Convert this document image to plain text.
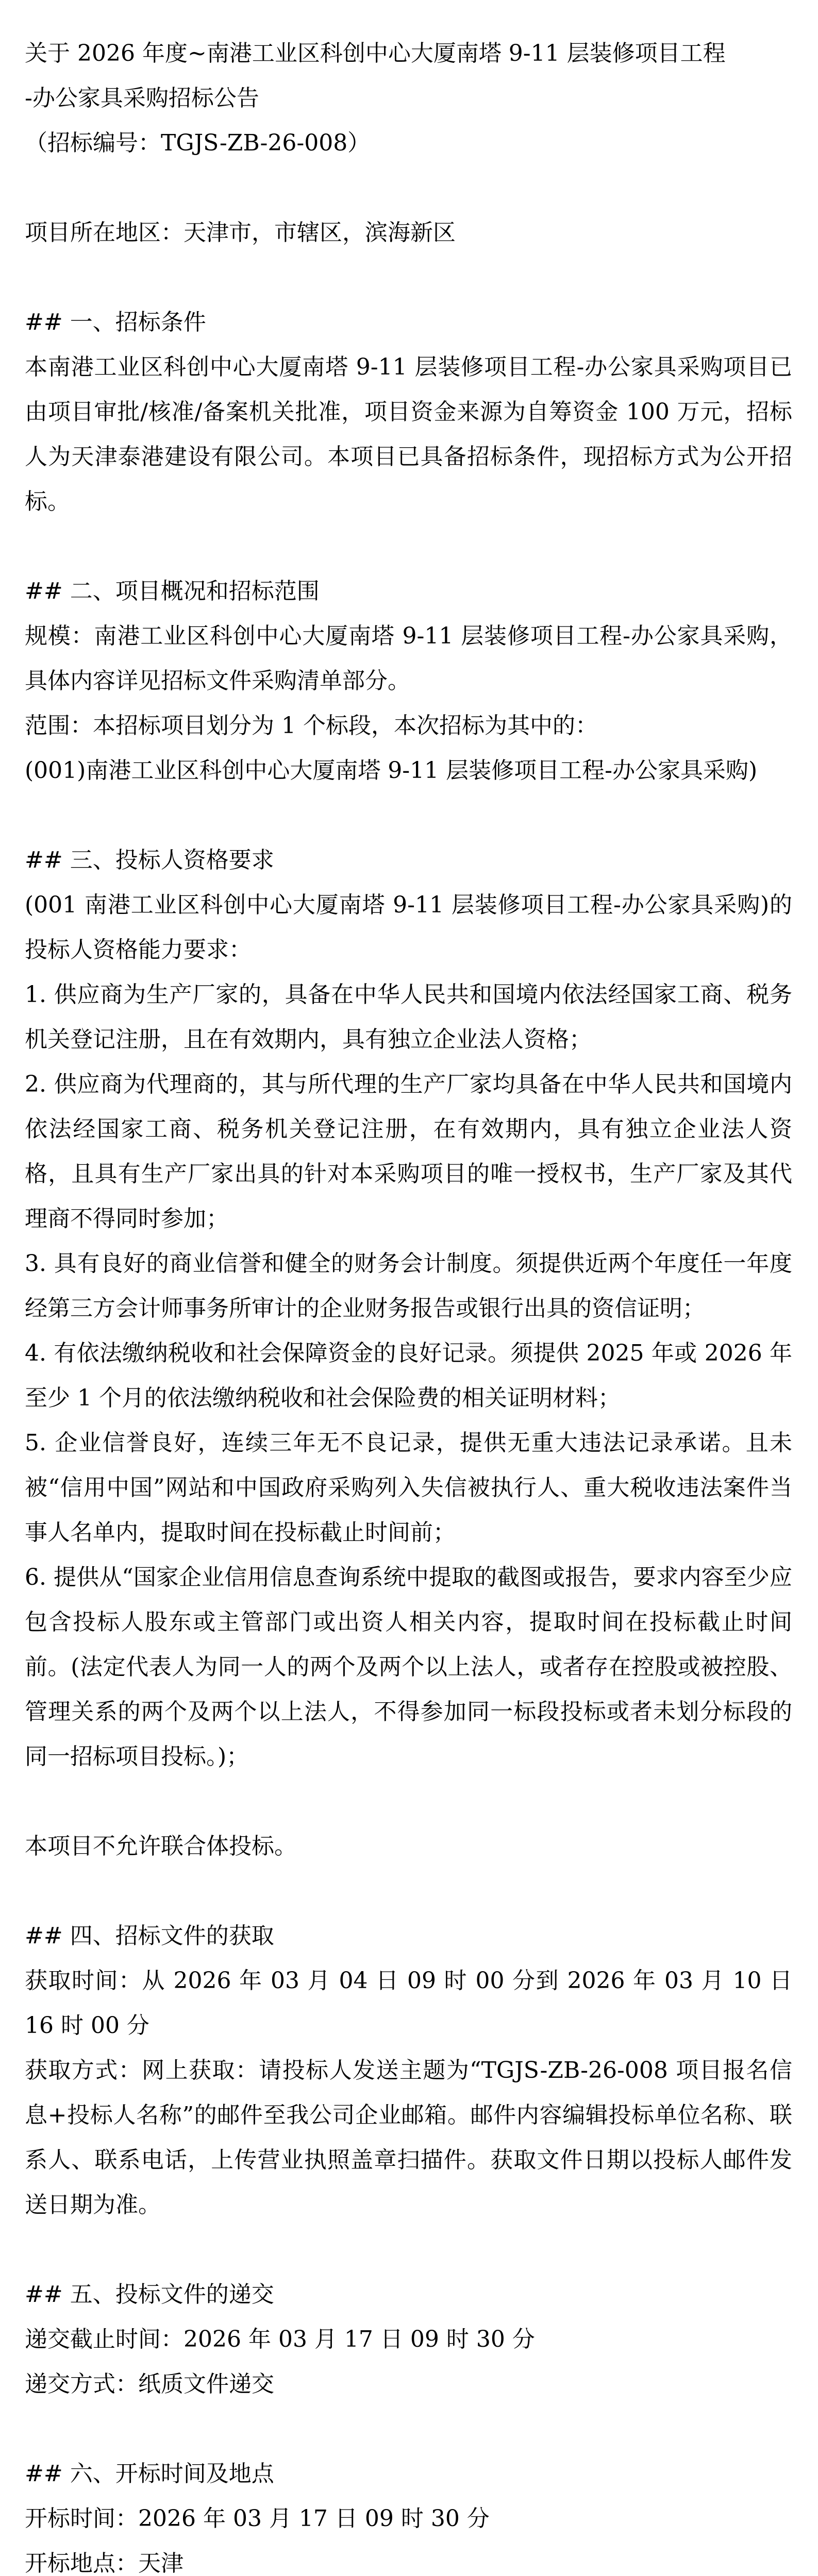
关于 2026 年度~南港工业区科创中心大厦南塔 9-11 层装修项目工程
-办公家具采购招标公告
（招标编号：TGJS-ZB-26-008）
项目所在地区：天津市，市辖区，滨海新区
## 一、招标条件
本南港工业区科创中心大厦南塔 9-11 层装修项目工程-办公家具采购项目已由项目审批/核准/备案机关批准，项目资金来源为自筹资金 100 万元，招标人为天津泰港建设有限公司。本项目已具备招标条件，现招标方式为公开招标。
## 二、项目概况和招标范围
规模：南港工业区科创中心大厦南塔 9-11 层装修项目工程-办公家具采购，具体内容详见招标文件采购清单部分。
范围：本招标项目划分为 1 个标段，本次招标为其中的：
(001)南港工业区科创中心大厦南塔 9-11 层装修项目工程-办公家具采购)
## 三、投标人资格要求
(001 南港工业区科创中心大厦南塔 9-11 层装修项目工程-办公家具采购)的投标人资格能力要求：
1. 供应商为生产厂家的，具备在中华人民共和国境内依法经国家工商、税务机关登记注册，且在有效期内，具有独立企业法人资格；
2. 供应商为代理商的，其与所代理的生产厂家均具备在中华人民共和国境内依法经国家工商、税务机关登记注册，在有效期内，具有独立企业法人资格，且具有生产厂家出具的针对本采购项目的唯一授权书，生产厂家及其代理商不得同时参加；
3. 具有良好的商业信誉和健全的财务会计制度。须提供近两个年度任一年度经第三方会计师事务所审计的企业财务报告或银行出具的资信证明；
4. 有依法缴纳税收和社会保障资金的良好记录。须提供 2025 年或 2026 年至少 1 个月的依法缴纳税收和社会保险费的相关证明材料；
5. 企业信誉良好，连续三年无不良记录，提供无重大违法记录承诺。且未被“信用中国”网站和中国政府采购列入失信被执行人、重大税收违法案件当事人名单内，提取时间在投标截止时间前；
6. 提供从“国家企业信用信息查询系统中提取的截图或报告，要求内容至少应包含投标人股东或主管部门或出资人相关内容，提取时间在投标截止时间前。(法定代表人为同一人的两个及两个以上法人，或者存在控股或被控股、管理关系的两个及两个以上法人，不得参加同一标段投标或者未划分标段的同一招标项目投标。)；
本项目不允许联合体投标。
## 四、招标文件的获取
获取时间：从 2026 年 03 月 04 日 09 时 00 分到 2026 年 03 月 10 日 16 时 00 分
获取方式：网上获取：请投标人发送主题为“TGJS-ZB-26-008 项目报名信息+投标人名称”的邮件至我公司企业邮箱。邮件内容编辑投标单位名称、联系人、联系电话，上传营业执照盖章扫描件。获取文件日期以投标人邮件发送日期为准。
## 五、投标文件的递交
递交截止时间：2026 年 03 月 17 日 09 时 30 分
递交方式：纸质文件递交
## 六、开标时间及地点
开标时间：2026 年 03 月 17 日 09 时 30 分
开标地点：天津
